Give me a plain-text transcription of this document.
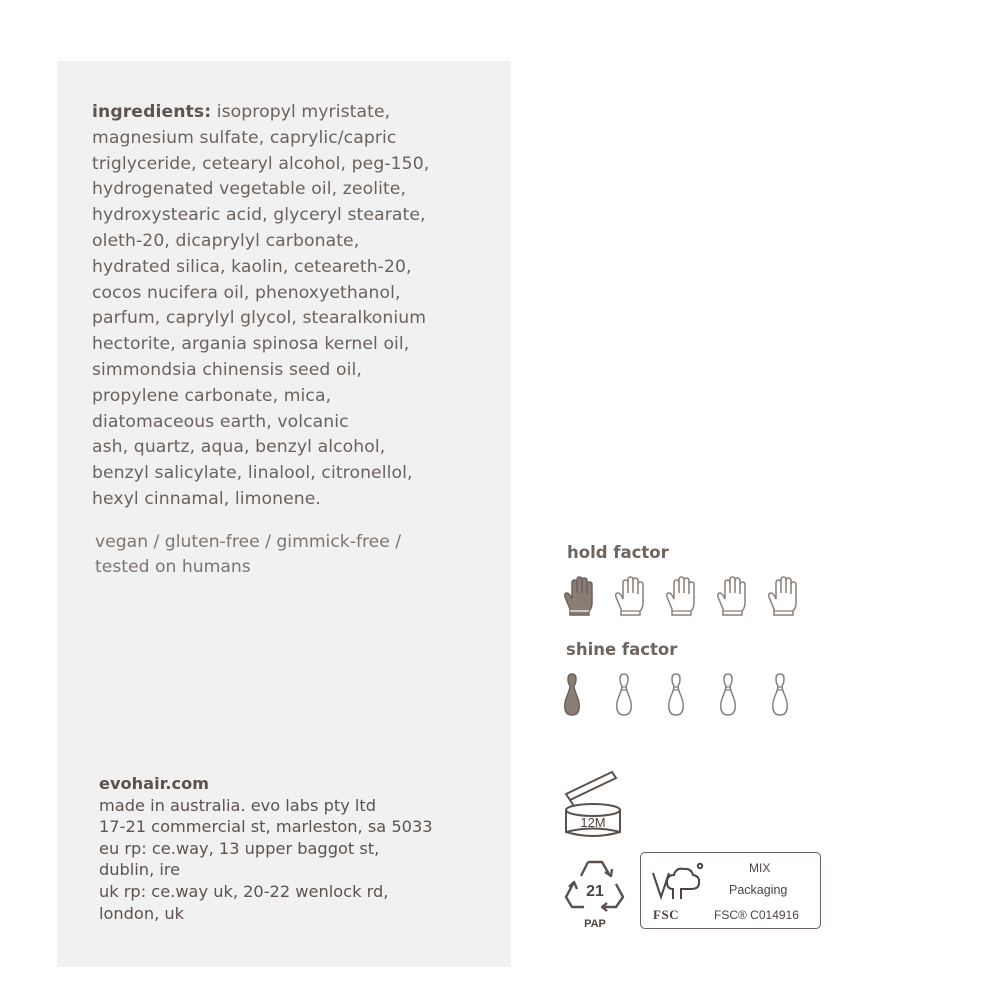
ingredients: isopropyl myristate,
magnesium sulfate, caprylic/capric
triglyceride, cetearyl alcohol, peg-150,
hydrogenated vegetable oil, zeolite,
hydroxystearic acid, glyceryl stearate,
oleth-20, dicaprylyl carbonate,
hydrated silica, kaolin, ceteareth-20,
cocos nucifera oil, phenoxyethanol,
parfum, caprylyl glycol, stearalkonium
hectorite, argania spinosa kernel oil,
simmondsia chinensis seed oil,
propylene carbonate, mica,
diatomaceous earth, volcanic
ash, quartz, aqua, benzyl alcohol,
benzyl salicylate, linalool, citronellol,
hexyl cinnamal, limonene.
vegan / gluten-free / gimmick-free /
tested on humans
evohair.com
made in australia. evo labs pty ltd
17-21 commercial st, marleston, sa 5033
eu rp: ce.way, 13 upper baggot st,
dublin, ire
uk rp: ce.way uk, 20-22 wenlock rd,
london, uk
hold factor
shine factor
12M
21
PAP
FSC
MIX
Packaging
FSC® C014916
